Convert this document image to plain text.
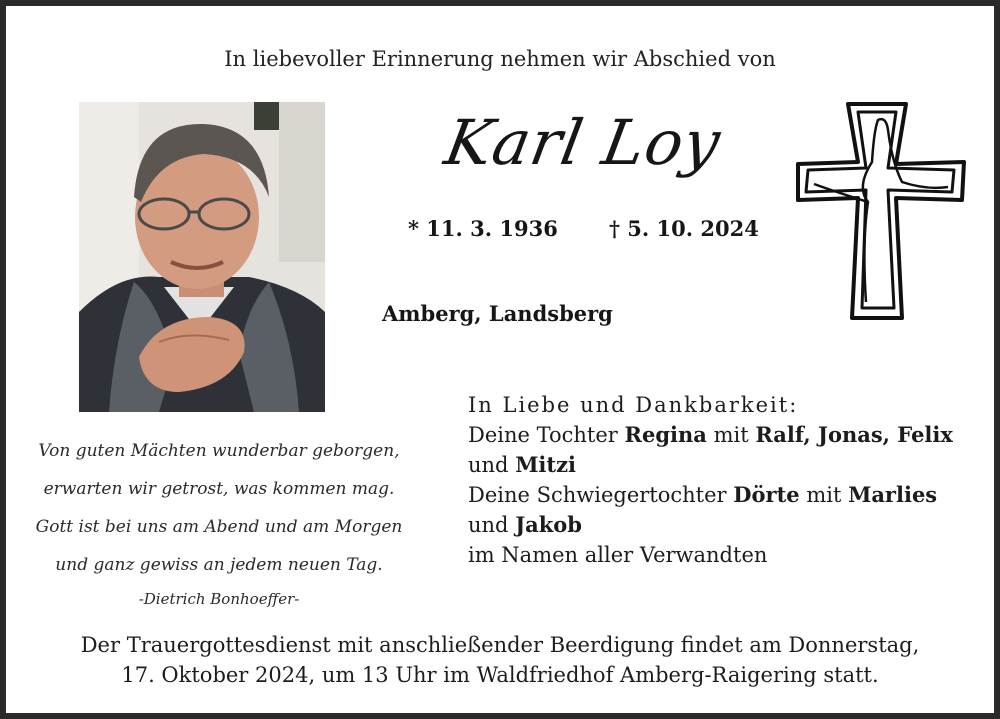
In liebevoller Erinnerung nehmen wir Abschied von
Karl Loy
* 11. 3. 1936 † 5. 10. 2024
Amberg, Landsberg
Von guten Mächten wunderbar geborgen,
erwarten wir getrost, was kommen mag.
Gott ist bei uns am Abend und am Morgen
und ganz gewiss an jedem neuen Tag.
-Dietrich Bonhoeffer-
In Liebe und Dankbarkeit:
Deine Tochter Regina mit Ralf, Jonas, Felix
und Mitzi
Deine Schwiegertochter Dörte mit Marlies
und Jakob
im Namen aller Verwandten
Der Trauergottesdienst mit anschließender Beerdigung findet am Donnerstag,
17. Oktober 2024, um 13 Uhr im Waldfriedhof Amberg-Raigering statt.
